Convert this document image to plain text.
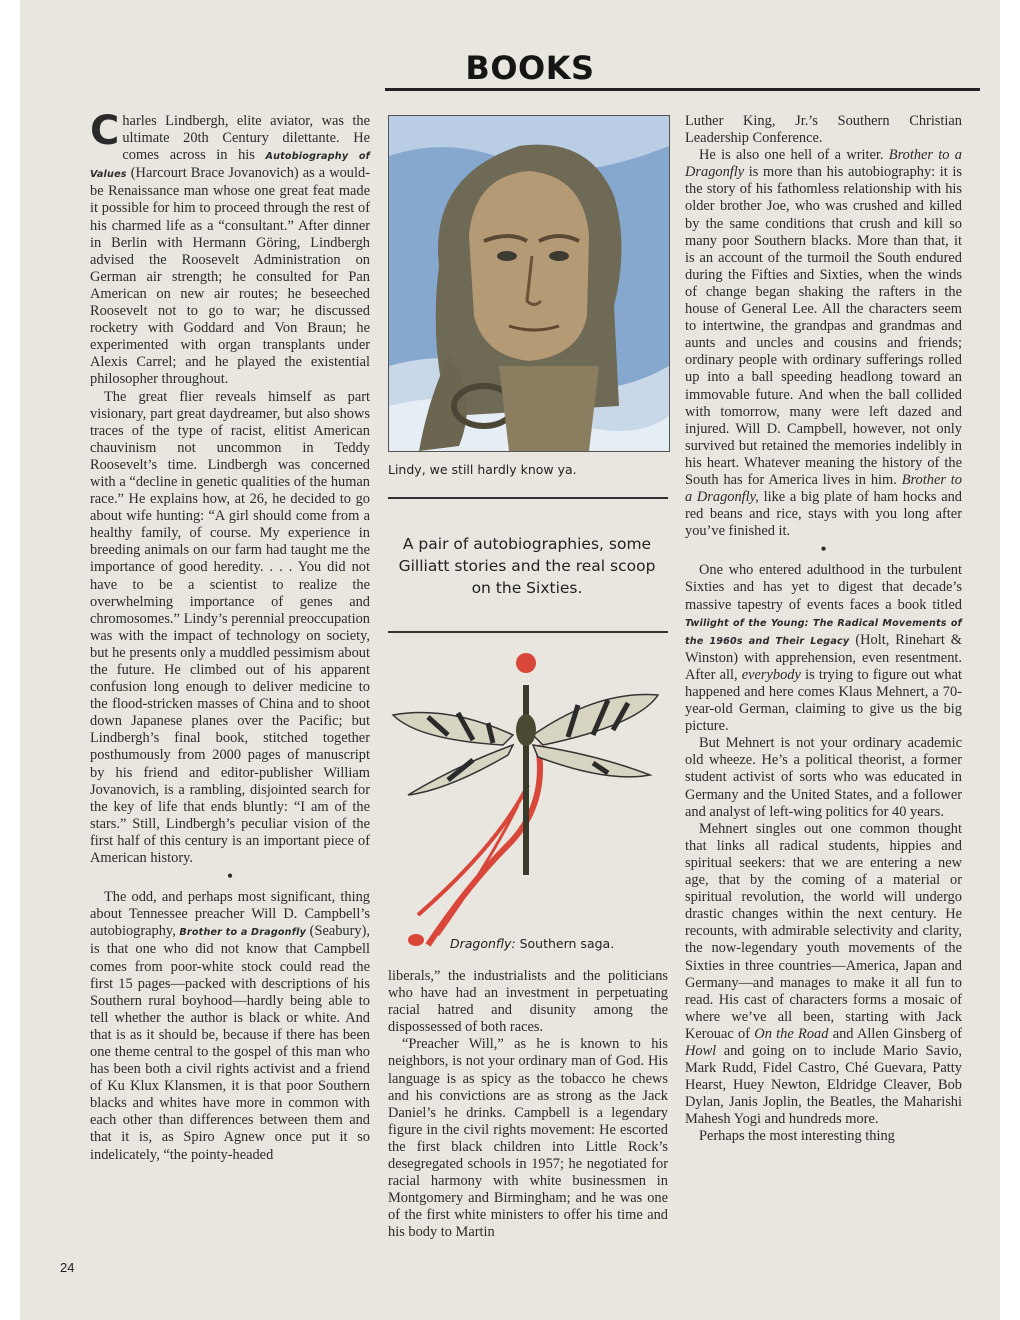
BOOKS

Charles Lindbergh, elite aviator, was the ultimate 20th Century dilettante. He comes across in his Autobiography of Values (Harcourt Brace Jovanovich) as a would-be Renaissance man whose one great feat made it possible for him to proceed through the rest of his charmed life as a “consultant.” After dinner in Berlin with Hermann Göring, Lindbergh advised the Roosevelt Administration on German air strength; he consulted for Pan American on new air routes; he beseeched Roosevelt not to go to war; he discussed rocketry with Goddard and Von Braun; he experimented with organ transplants under Alexis Carrel; and he played the existential philosopher throughout.

The great flier reveals himself as part visionary, part great daydreamer, but also shows traces of the type of racist, elitist American chauvinism not uncommon in Teddy Roosevelt’s time. Lindbergh was concerned with a “decline in genetic qualities of the human race.” He explains how, at 26, he decided to go about wife hunting: “A girl should come from a healthy family, of course. My experience in breeding animals on our farm had taught me the importance of good heredity. . . . You did not have to be a scientist to realize the overwhelming importance of genes and chromosomes.” Lindy’s perennial preoccupation was with the impact of technology on society, but he presents only a muddled pessimism about the future. He climbed out of his apparent confusion long enough to deliver medicine to the flood-stricken masses of China and to shoot down Japanese planes over the Pacific; but Lindbergh’s final book, stitched together posthumously from 2000 pages of manuscript by his friend and editor-publisher William Jovanovich, is a rambling, disjointed search for the key of life that ends bluntly: “I am of the stars.” Still, Lindbergh’s peculiar vision of the first half of this century is an important piece of American history.

•

The odd, and perhaps most significant, thing about Tennessee preacher Will D. Campbell’s autobiography, Brother to a Dragonfly (Seabury), is that one who did not know that Campbell comes from poor-white stock could read the first 15 pages—packed with descriptions of his Southern rural boyhood—hardly being able to tell whether the author is black or white. And that is as it should be, because if there has been one theme central to the gospel of this man who has been both a civil rights activist and a friend of Ku Klux Klansmen, it is that poor Southern blacks and whites have more in common with each other than differences between them and that it is, as Spiro Agnew once put it so indelicately, “the pointy-headed

Lindy, we still hardly know ya.
A pair of autobiographies, some Gilliatt stories and the real scoop on the Sixties.
Dragonfly: Southern saga.

liberals,” the industrialists and the politicians who have had an investment in perpetuating racial hatred and disunity among the dispossessed of both races.

“Preacher Will,” as he is known to his neighbors, is not your ordinary man of God. His language is as spicy as the tobacco he chews and his convictions are as strong as the Jack Daniel’s he drinks. Campbell is a legendary figure in the civil rights movement: He escorted the first black children into Little Rock’s desegregated schools in 1957; he negotiated for racial harmony with white businessmen in Montgomery and Birmingham; and he was one of the first white ministers to offer his time and his body to Martin

Luther King, Jr.’s Southern Christian Leadership Conference.

He is also one hell of a writer. Brother to a Dragonfly is more than his autobiography: it is the story of his fathomless relationship with his older brother Joe, who was crushed and killed by the same conditions that crush and kill so many poor Southern blacks. More than that, it is an account of the turmoil the South endured during the Fifties and Sixties, when the winds of change began shaking the rafters in the house of General Lee. All the characters seem to intertwine, the grandpas and grandmas and aunts and uncles and cousins and friends; ordinary people with ordinary sufferings rolled up into a ball speeding headlong toward an immovable future. And when the ball collided with tomorrow, many were left dazed and injured. Will D. Campbell, however, not only survived but retained the memories indelibly in his heart. Whatever meaning the history of the South has for America lives in him. Brother to a Dragonfly, like a big plate of ham hocks and red beans and rice, stays with you long after you’ve finished it.

•

One who entered adulthood in the turbulent Sixties and has yet to digest that decade’s massive tapestry of events faces a book titled Twilight of the Young: The Radical Movements of the 1960s and Their Legacy (Holt, Rinehart & Winston) with apprehension, even resentment. After all, everybody is trying to figure out what happened and here comes Klaus Mehnert, a 70-year-old German, claiming to give us the big picture.

But Mehnert is not your ordinary academic old wheeze. He’s a political theorist, a former student activist of sorts who was educated in Germany and the United States, and a follower and analyst of left-wing politics for 40 years.

Mehnert singles out one common thought that links all radical students, hippies and spiritual seekers: that we are entering a new age, that by the coming of a material or spiritual revolution, the world will undergo drastic changes within the next century. He recounts, with admirable selectivity and clarity, the now-legendary youth movements of the Sixties in three countries—America, Japan and Germany—and manages to make it all fun to read. His cast of characters forms a mosaic of where we’ve all been, starting with Jack Kerouac of On the Road and Allen Ginsberg of Howl and going on to include Mario Savio, Mark Rudd, Fidel Castro, Ché Guevara, Patty Hearst, Huey Newton, Eldridge Cleaver, Bob Dylan, Janis Joplin, the Beatles, the Maharishi Mahesh Yogi and hundreds more.

Perhaps the most interesting thing

24
